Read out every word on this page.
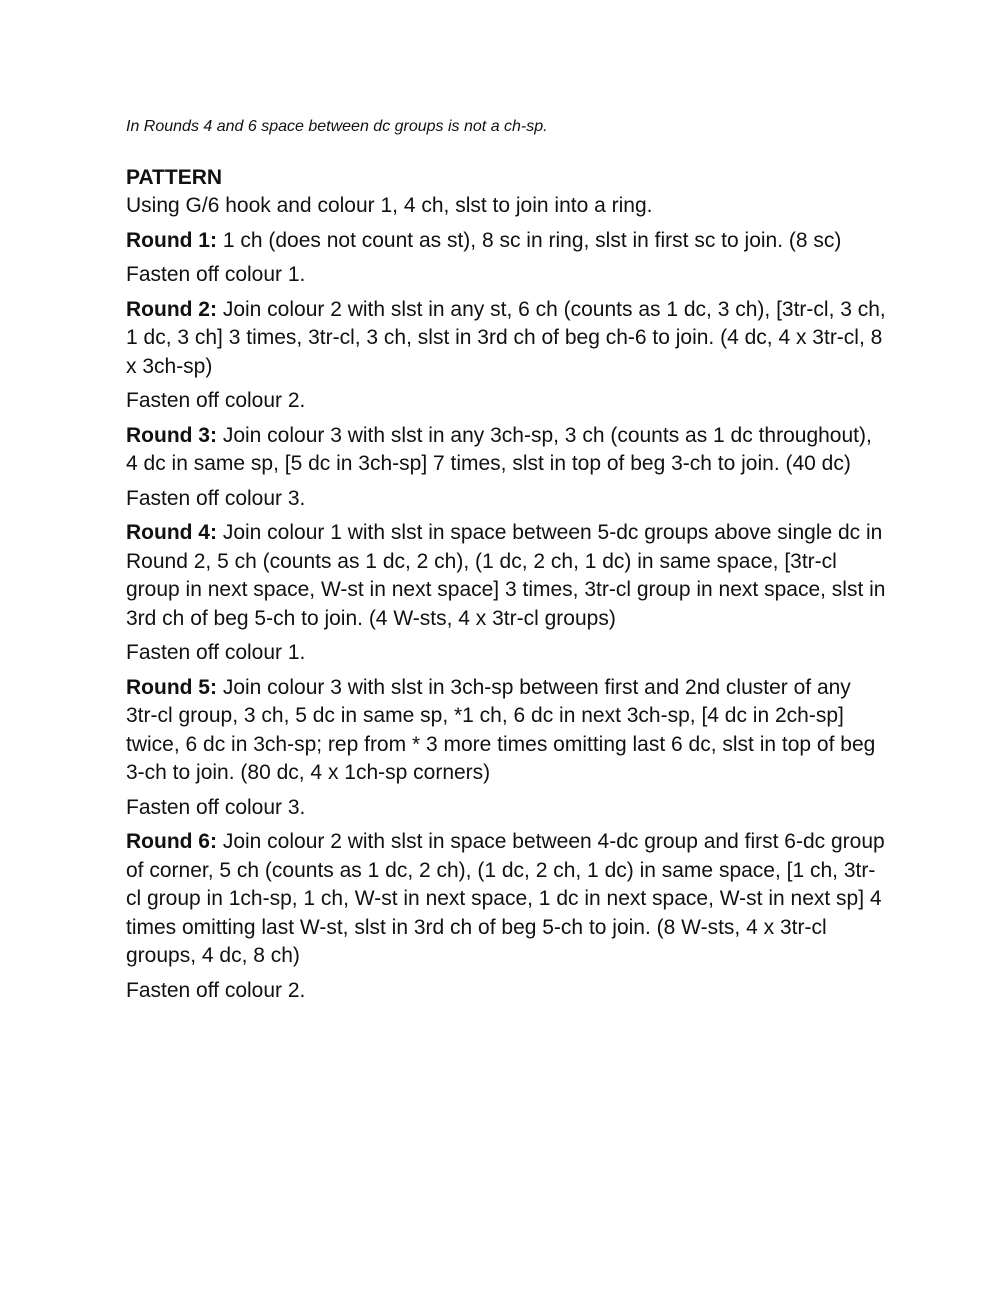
In Rounds 4 and 6 space between dc groups is not a ch-sp.

PATTERN

Using G/6 hook and colour 1, 4 ch, slst to join into a ring.

Round 1: 1 ch (does not count as st), 8 sc in ring, slst in first sc to join. (8 sc)

Fasten off colour 1.

Round 2: Join colour 2 with slst in any st, 6 ch (counts as 1 dc, 3 ch), [3tr-cl, 3 ch, 1 dc, 3 ch] 3 times, 3tr-cl, 3 ch, slst in 3rd ch of beg ch-6 to join. (4 dc, 4 x 3tr-cl, 8 x 3ch-sp)

Fasten off colour 2.

Round 3: Join colour 3 with slst in any 3ch-sp, 3 ch (counts as 1 dc throughout), 4 dc in same sp, [5 dc in 3ch-sp] 7 times, slst in top of beg 3-ch to join. (40 dc)

Fasten off colour 3.

Round 4: Join colour 1 with slst in space between 5-dc groups above single dc in Round 2, 5 ch (counts as 1 dc, 2 ch), (1 dc, 2 ch, 1 dc) in same space, [3tr-cl group in next space, W-st in next space] 3 times, 3tr-cl group in next space, slst in 3rd ch of beg 5-ch to join. (4 W-sts, 4 x 3tr-cl groups)

Fasten off colour 1.

Round 5: Join colour 3 with slst in 3ch-sp between first and 2nd cluster of any 3tr-cl group, 3 ch, 5 dc in same sp, *1 ch, 6 dc in next 3ch-sp, [4 dc in 2ch-sp] twice, 6 dc in 3ch-sp; rep from * 3 more times omitting last 6 dc, slst in top of beg 3-ch to join. (80 dc, 4 x 1ch-sp corners)

Fasten off colour 3.

Round 6: Join colour 2 with slst in space between 4-dc group and first 6-dc group of corner, 5 ch (counts as 1 dc, 2 ch), (1 dc, 2 ch, 1 dc) in same space, [1 ch, 3tr-cl group in 1ch-sp, 1 ch, W-st in next space, 1 dc in next space, W-st in next sp] 4 times omitting last W-st, slst in 3rd ch of beg 5-ch to join. (8 W-sts, 4 x 3tr-cl groups, 4 dc, 8 ch)

Fasten off colour 2.
